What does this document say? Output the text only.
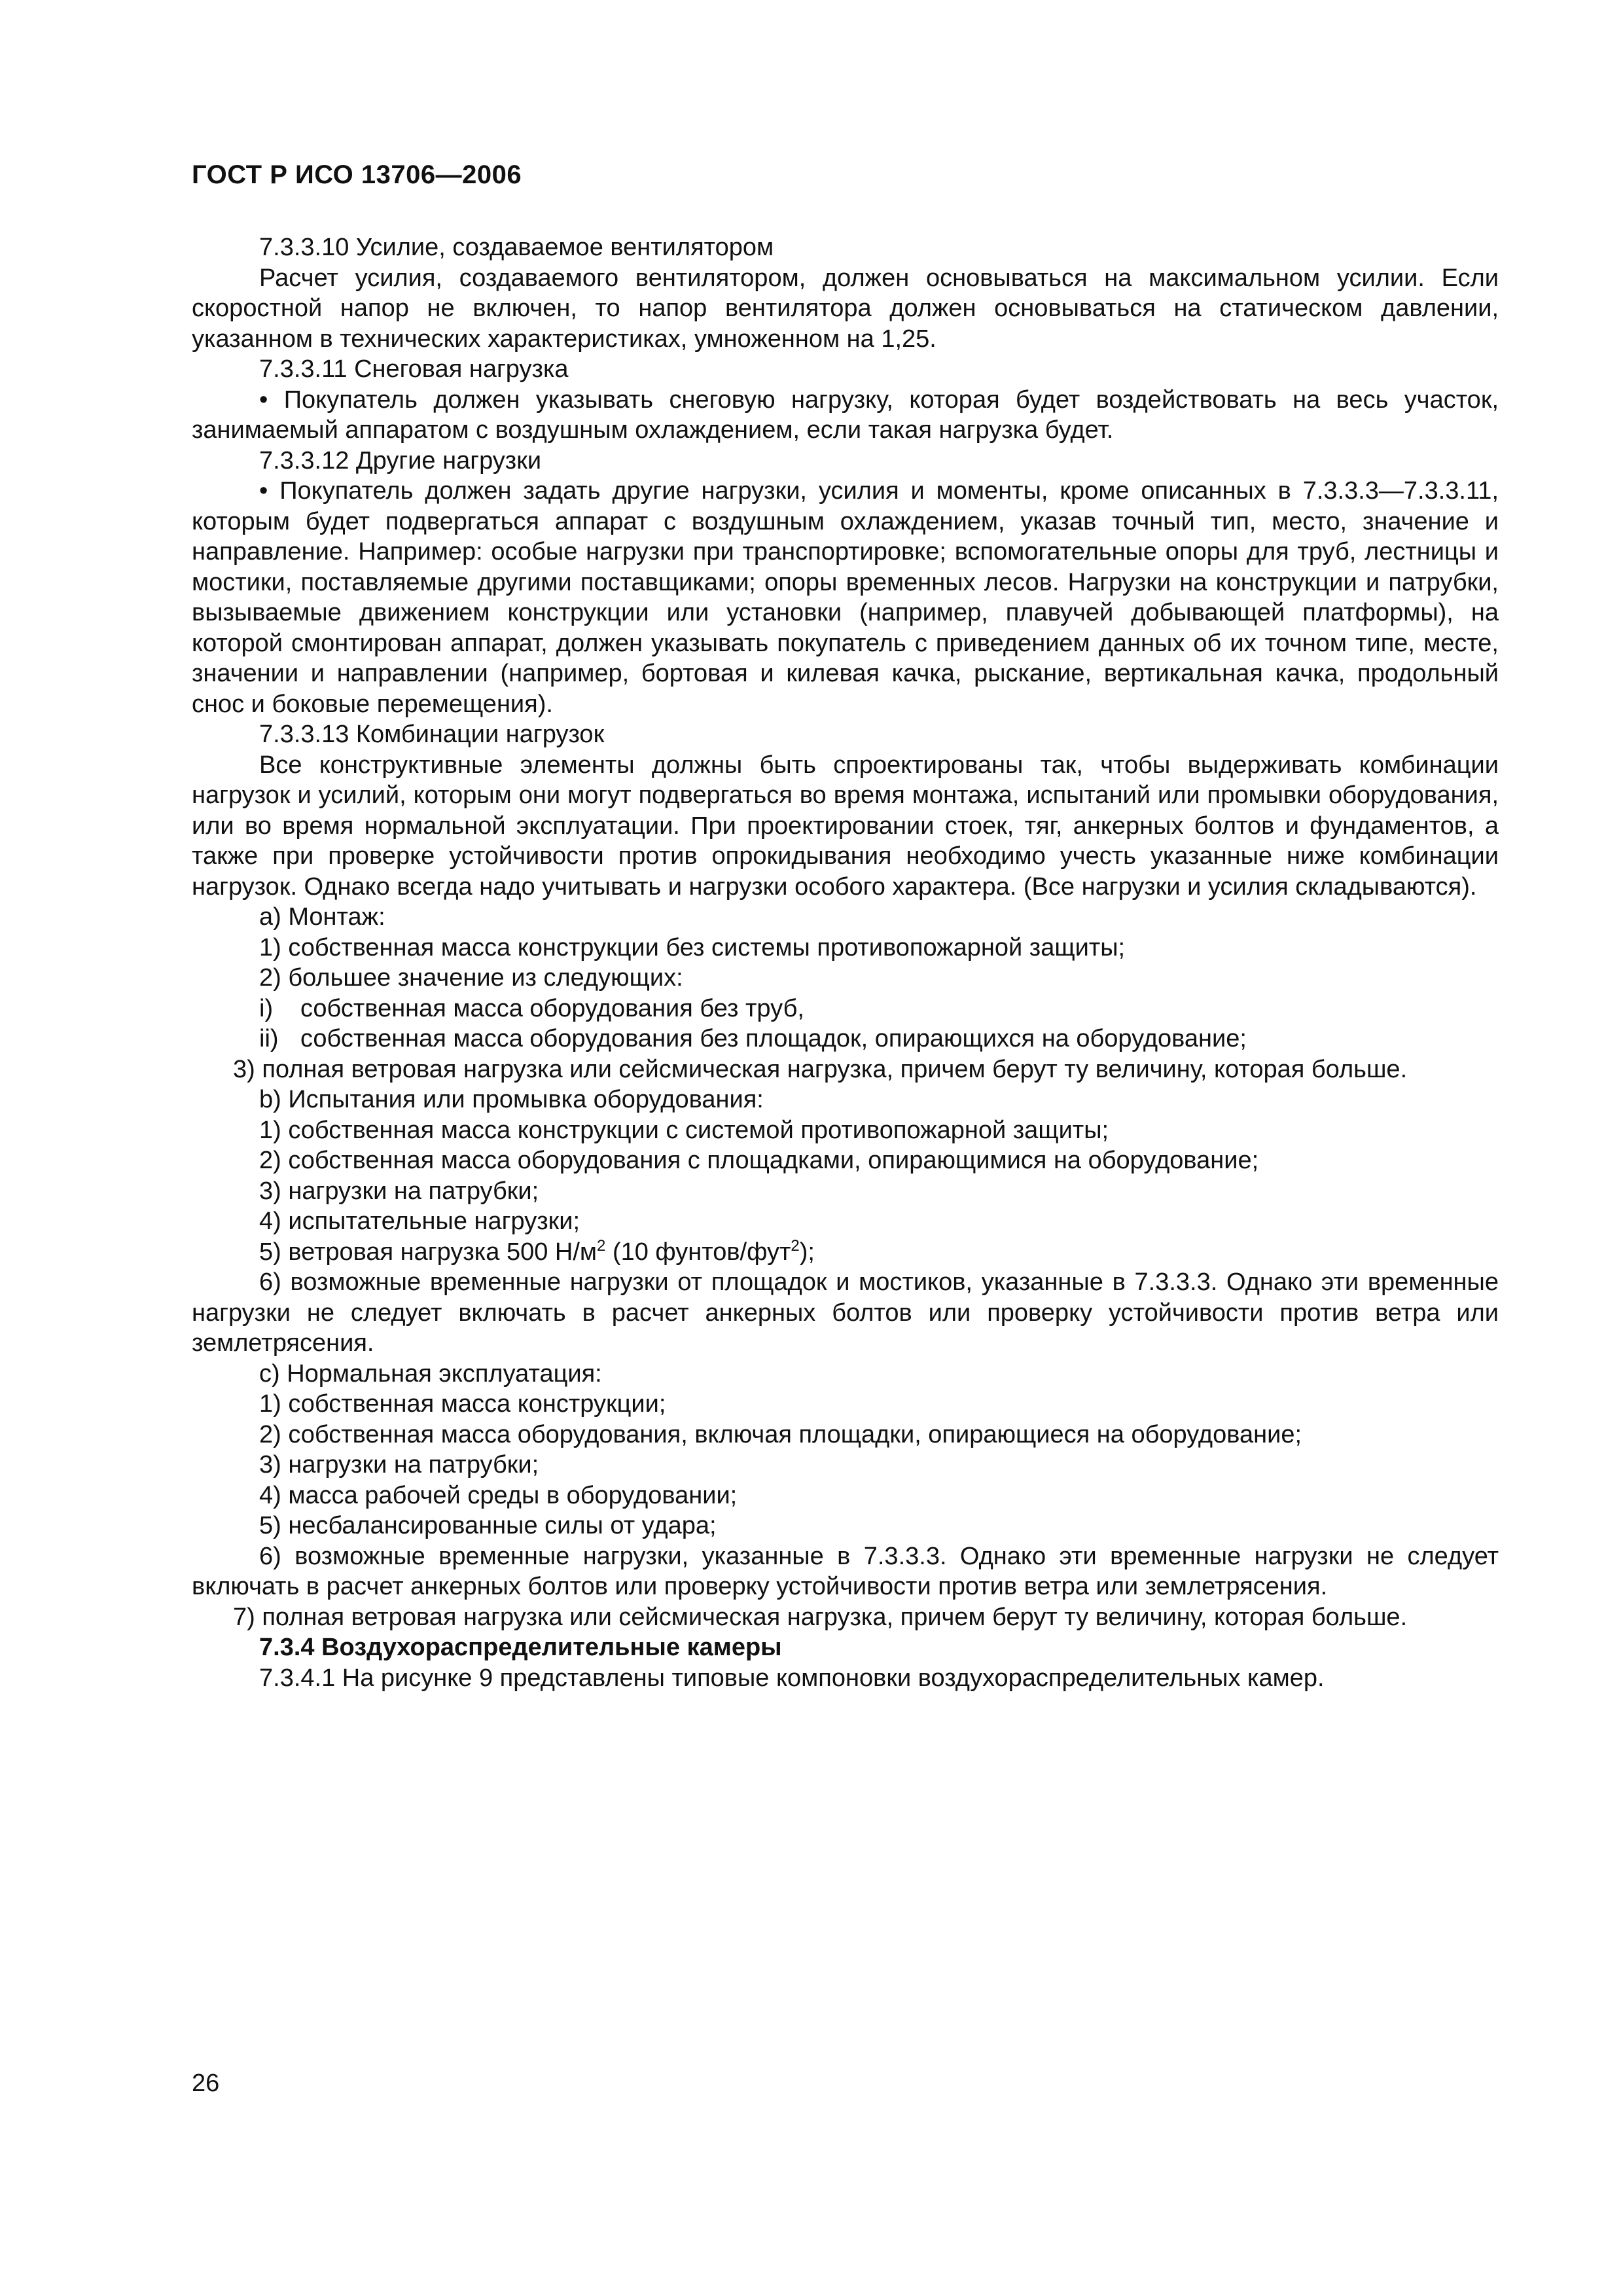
ГОСТ Р ИСО 13706—2006

7.3.3.10 Усилие, создаваемое вентилятором

Расчет усилия, создаваемого вентилятором, должен основываться на максимальном усилии. Если скоростной напор не включен, то напор вентилятора должен основываться на статическом давлении, указанном в технических характеристиках, умноженном на 1,25.

7.3.3.11 Снеговая нагрузка

• Покупатель должен указывать снеговую нагрузку, которая будет воздействовать на весь участок, занимаемый аппаратом с воздушным охлаждением, если такая нагрузка будет.

7.3.3.12 Другие нагрузки

• Покупатель должен задать другие нагрузки, усилия и моменты, кроме описанных в 7.3.3.3—7.3.3.11, которым будет подвергаться аппарат с воздушным охлаждением, указав точный тип, место, значение и направление. Например: особые нагрузки при транспортировке; вспомогательные опоры для труб, лестницы и мостики, поставляемые другими поставщиками; опоры временных лесов. Нагрузки на конструкции и патрубки, вызываемые движением конструкции или установки (например, плавучей добывающей платформы), на которой смонтирован аппарат, должен указывать покупатель с приведением данных об их точном типе, месте, значении и направлении (например, бортовая и килевая качка, рыскание, вертикальная качка, продольный снос и боковые перемещения).

7.3.3.13 Комбинации нагрузок

Все конструктивные элементы должны быть спроектированы так, чтобы выдерживать комбинации нагрузок и усилий, которым они могут подвергаться во время монтажа, испытаний или промывки оборудования, или во время нормальной эксплуатации. При проектировании стоек, тяг, анкерных болтов и фундаментов, а также при проверке устойчивости против опрокидывания необходимо учесть указанные ниже комбинации нагрузок. Однако всегда надо учитывать и нагрузки особого характера. (Все нагрузки и усилия складываются).

a) Монтаж:

1) собственная масса конструкции без системы противопожарной защиты;

2) большее значение из следующих:

i)	собственная масса оборудования без труб,

ii) собственная масса оборудования без площадок, опирающихся на оборудование;

3) полная ветровая нагрузка или сейсмическая нагрузка, причем берут ту величину, которая больше.

b) Испытания или промывка оборудования:

1) собственная масса конструкции с системой противопожарной защиты;

2) собственная масса оборудования с площадками, опирающимися на оборудование;

3) нагрузки на патрубки;

4) испытательные нагрузки;

5) ветровая нагрузка 500 $Н/м^2$ (10 фунтов/фут$^2$);

6) возможные временные нагрузки от площадок и мостиков, указанные в 7.3.3.3. Однако эти временные нагрузки не следует включать в расчет анкерных болтов или проверку устойчивости против ветра или землетрясения.

c) Нормальная эксплуатация:

1) собственная масса конструкции;

2) собственная масса оборудования, включая площадки, опирающиеся на оборудование;

3) нагрузки на патрубки;

4) масса рабочей среды в оборудовании;

5) несбалансированные силы от удара;

6) возможные временные нагрузки, указанные в 7.3.3.3. Однако эти временные нагрузки не следует включать в расчет анкерных болтов или проверку устойчивости против ветра или землетрясения.

7) полная ветровая нагрузка или сейсмическая нагрузка, причем берут ту величину, которая больше.

7.3.4 Воздухораспределительные камеры

7.3.4.1 На рисунке 9 представлены типовые компоновки воздухораспределительных камер.

26
